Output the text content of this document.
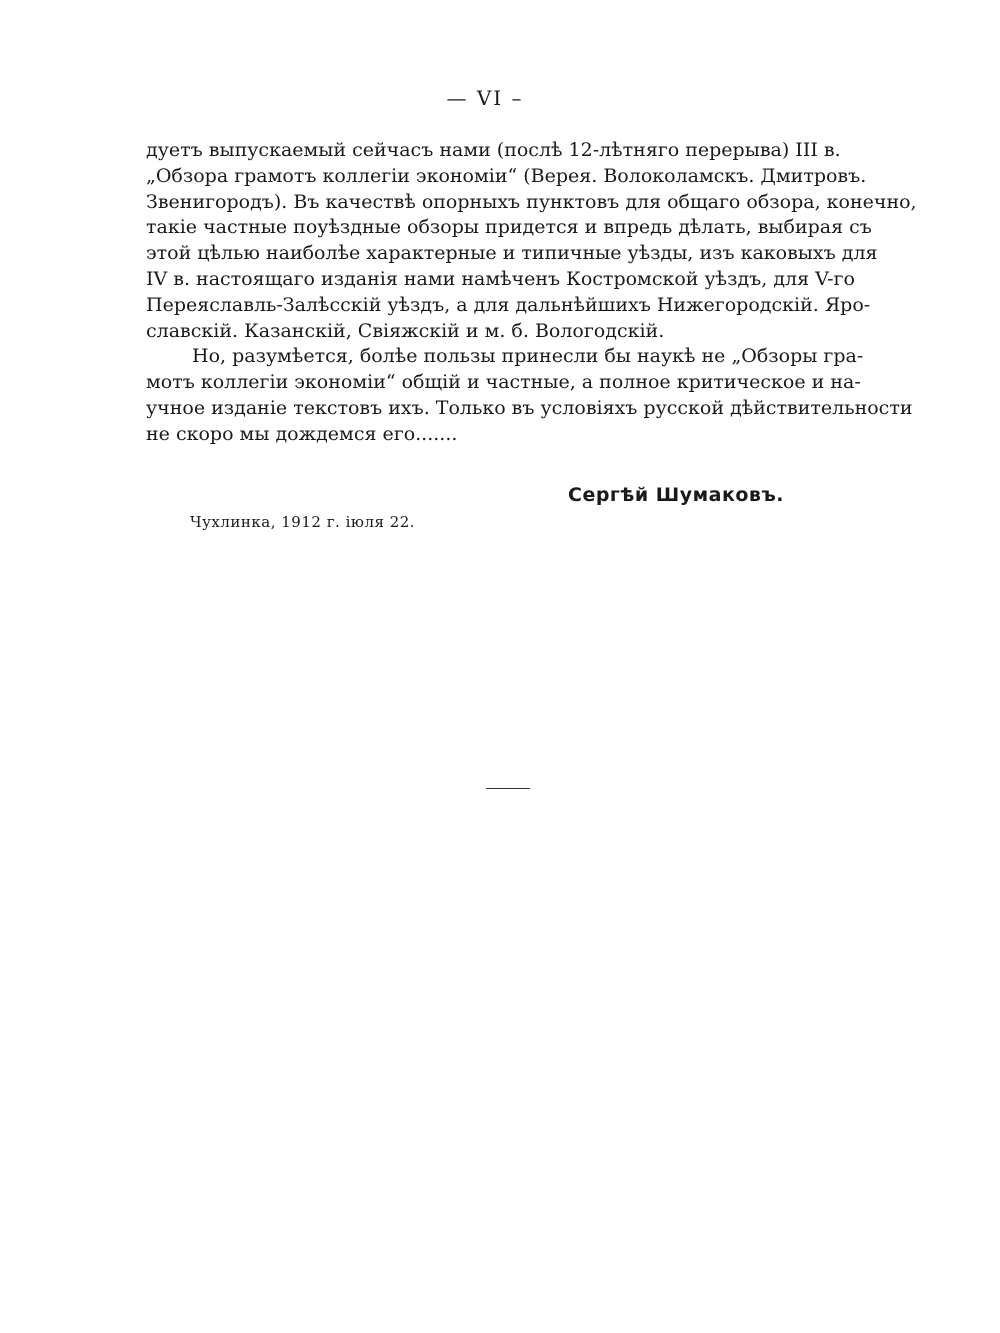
— VI –
дуетъ выпускаемый сейчасъ нами (послѣ 12-лѣтняго перерыва) III в.
„Обзора грамотъ коллегіи экономіи“ (Верея. Волоколамскъ. Дмитровъ.
Звенигородъ). Въ качествѣ опорныхъ пунктовъ для общаго обзора, конечно,
такіе частные поуѣздные обзоры придется и впредь дѣлать, выбирая съ
этой цѣлью наиболѣе характерные и типичные уѣзды, изъ каковыхъ для
IV в. настоящаго изданія нами намѣченъ Костромской уѣздъ, для V-го
Переяславль-Залѣсскій уѣздъ, а для дальнѣйшихъ Нижегородскій. Яро-
славскій. Казанскій, Свіяжскій и м. б. Вологодскій.
Но, разумѣется, болѣе пользы принесли бы наукѣ не „Обзоры гра-
мотъ коллегіи экономіи“ общій и частные, а полное критическое и на-
учное изданіе текстовъ ихъ. Только въ условіяхъ русской дѣйствительности
не скоро мы дождемся его.......
Сергѣй Шумаковъ.
Чухлинка, 1912 г. іюля 22.
